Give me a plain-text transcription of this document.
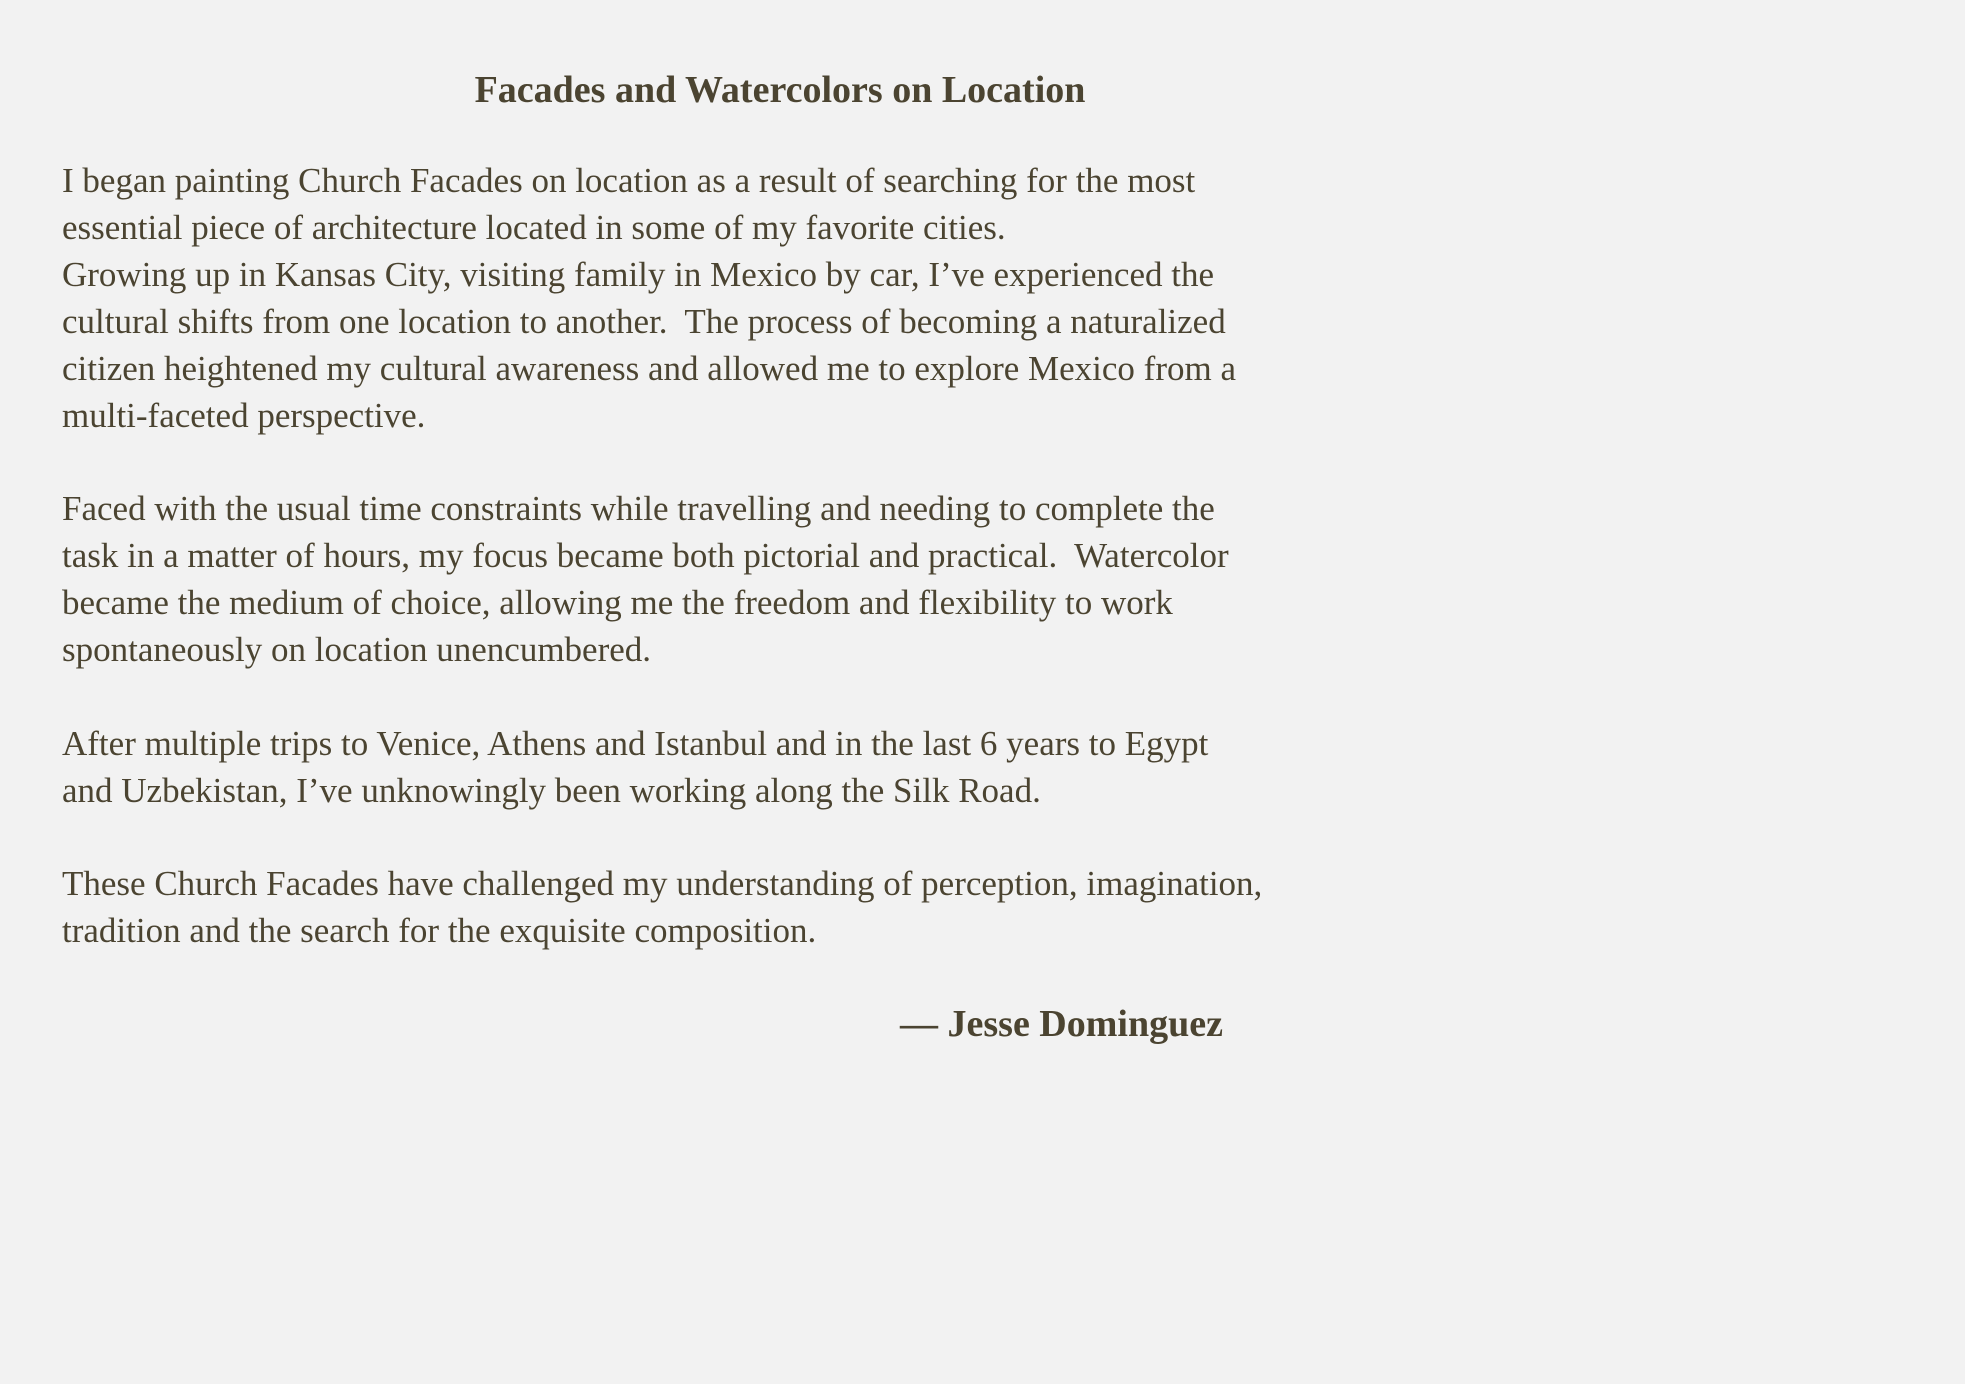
Facades and Watercolors on Location

I began painting Church Facades on location as a result of searching for the most

essential piece of architecture located in some of my favorite cities.

Growing up in Kansas City, visiting family in Mexico by car, I’ve experienced the

cultural shifts from one location to another.  The process of becoming a naturalized

citizen heightened my cultural awareness and allowed me to explore Mexico from a

multi-faceted perspective.

Faced with the usual time constraints while travelling and needing to complete the

task in a matter of hours, my focus became both pictorial and practical.  Watercolor

became the medium of choice, allowing me the freedom and flexibility to work

spontaneously on location unencumbered.

After multiple trips to Venice, Athens and Istanbul and in the last 6 years to Egypt

and Uzbekistan, I’ve unknowingly been working along the Silk Road.

These Church Facades have challenged my understanding of perception, imagination,

tradition and the search for the exquisite composition.

— Jesse Dominguez
